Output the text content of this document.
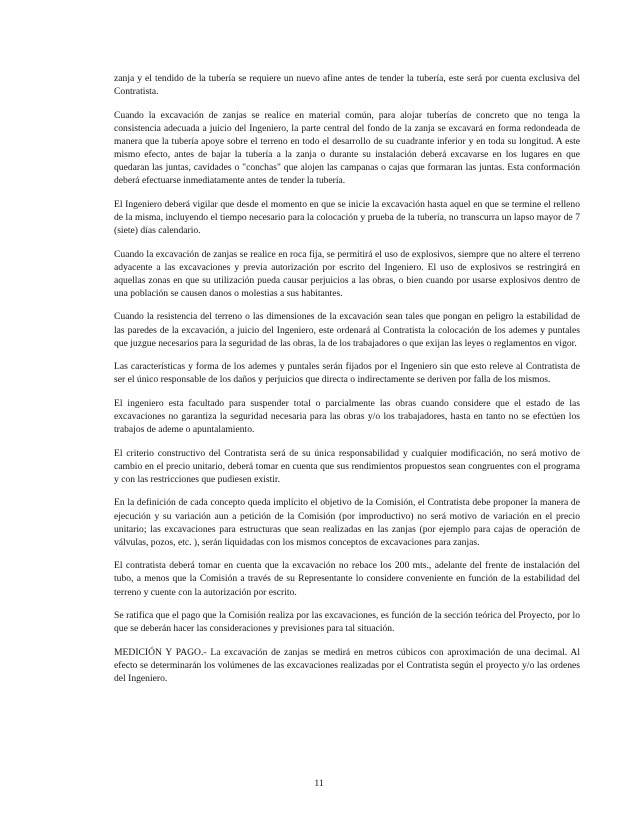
zanja y el tendido de la tubería se requiere un nuevo afine antes de tender la tubería, este será por cuenta exclusiva del Contratista.

Cuando la excavación de zanjas se realice en material común, para alojar tuberías de concreto que no tenga la consistencia adecuada a juicio del Ingeniero, la parte central del fondo de la zanja se excavará en forma redondeada de manera que la tubería apoye sobre el terreno en todo el desarrollo de su cuadrante inferior y en toda su longitud. A este mismo efecto, antes de bajar la tubería a la zanja o durante su instalación deberá excavarse en los lugares en que quedaran las juntas, cavidades o "conchas" que alojen las campanas o cajas que formaran las juntas. Esta conformación deberá efectuarse inmediatamente antes de tender la tubería.

El Ingeniero deberá vigilar que desde el momento en que se inicie la excavación hasta aquel en que se termine el relleno de la misma, incluyendo el tiempo necesario para la colocación y prueba de la tubería, no transcurra un lapso mayor de 7 (siete) días calendario.

Cuando la excavación de zanjas se realice en roca fija, se permitirá el uso de explosivos, siempre que no altere el terreno adyacente a las excavaciones y previa autorización por escrito del Ingeniero. El uso de explosivos se restringirá en aquellas zonas en que su utilización pueda causar perjuicios a las obras, o bien cuando por usarse explosivos dentro de una población se causen danos o molestias a sus habitantes.

Cuando la resistencia del terreno o las dimensiones de la excavación sean tales que pongan en peligro la estabilidad de las paredes de la excavación, a juicio del Ingeniero, este ordenará al Contratista la colocación de los ademes y puntales que juzgue necesarios para la seguridad de las obras, la de los trabajadores o que exijan las leyes o reglamentos en vigor.

Las características y forma de los ademes y puntales serán fijados por el Ingeniero sin que esto releve al Contratista de ser el único responsable de los daños y perjuicios que directa o indirectamente se deriven por falla de los mismos.

El ingeniero esta facultado para suspender total o parcialmente las obras cuando considere que el estado de las excavaciones no garantiza la seguridad necesaria para las obras y/o los trabajadores, hasta en tanto no se efectúen los trabajos de ademe o apuntalamiento.

El criterio constructivo del Contratista será de su única responsabilidad y cualquier modificación, no será motivo de cambio en el precio unitario, deberá tomar en cuenta que sus rendimientos propuestos sean congruentes con el programa y con las restricciones que pudiesen existir.

En la definición de cada concepto queda implícito el objetivo de la Comisión, el Contratista debe proponer la manera de ejecución y su variación aun a petición de la Comisión (por improductivo) no será motivo de variación en el precio unitario; las excavaciones para estructuras que sean realizadas en las zanjas (por ejemplo para cajas de operación de válvulas, pozos, etc. ), serán liquidadas con los mismos conceptos de excavaciones para zanjas.

El contratista deberá tomar en cuenta que la excavación no rebace los 200 mts., adelante del frente de instalación del tubo, a menos que la Comisión a través de su Representante lo considere conveniente en función de la estabilidad del terreno y cuente con la autorización por escrito.

Se ratifica que el pago que la Comisión realiza por las excavaciones, es función de la sección teórica del Proyecto, por lo que se deberán hacer las consideraciones y previsiones para tal situación.

MEDICIÓN Y PAGO.- La excavación de zanjas se medirá en metros cúbicos con aproximación de una decimal. Al efecto se determinarán los volúmenes de las excavaciones realizadas por el Contratista según el proyecto y/o las ordenes del Ingeniero.

11
